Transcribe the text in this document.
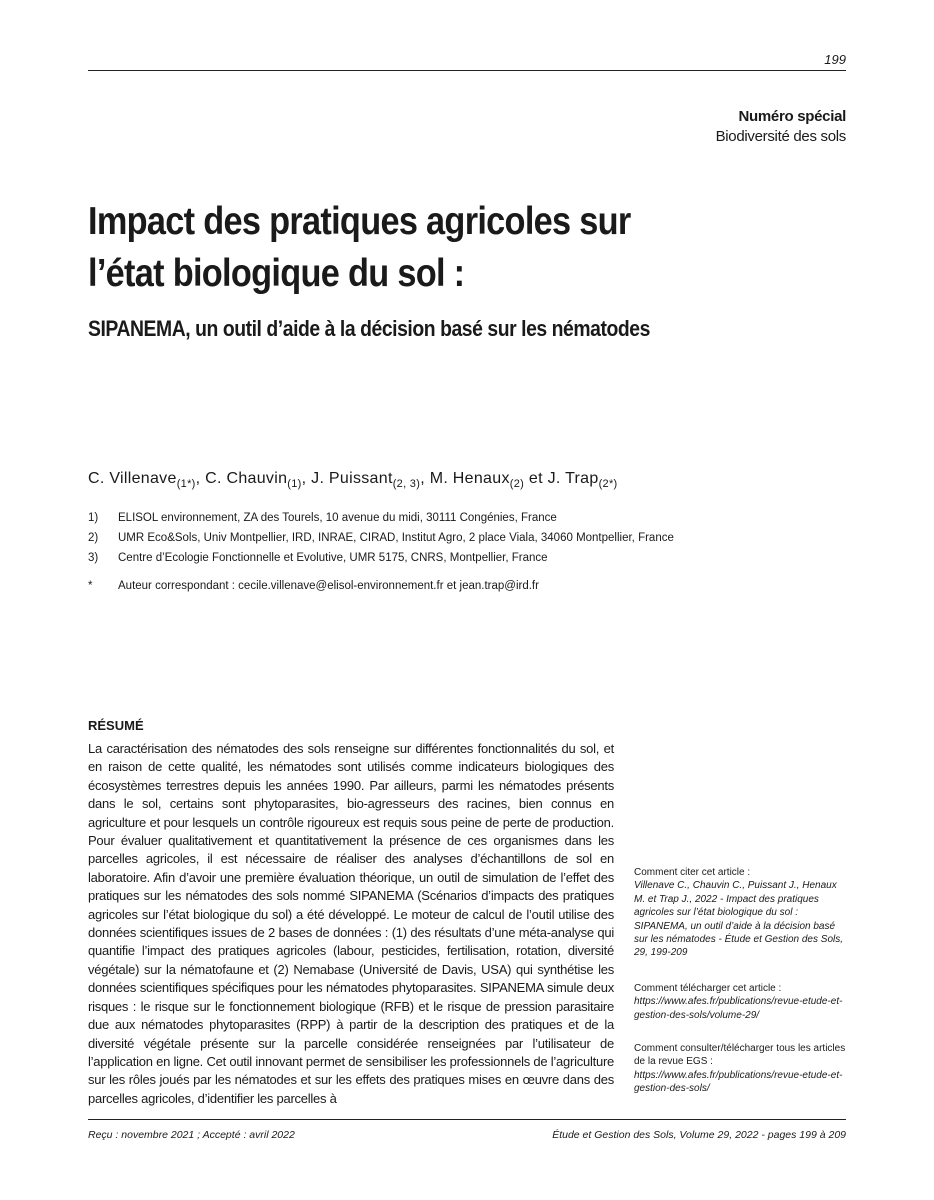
199
Numéro spécial
Biodiversité des sols
Impact des pratiques agricoles sur
l’état biologique du sol :
SIPANEMA, un outil d’aide à la décision basé sur les nématodes
C. Villenave$_{(1*)}$, C. Chauvin$_{(1)}$, J. Puissant$_{(2, 3)}$, M. Henaux$_{(2)}$ et J. Trap$_{(2*)}$
1) ELISOL environnement, ZA des Tourels, 10 avenue du midi, 30111 Congénies, France
2) UMR Eco&Sols, Univ Montpellier, IRD, INRAE, CIRAD, Institut Agro, 2 place Viala, 34060 Montpellier, France
3) Centre d’Ecologie Fonctionnelle et Evolutive, UMR 5175, CNRS, Montpellier, France
* Auteur correspondant : cecile.villenave@elisol-environnement.fr et jean.trap@ird.fr
RÉSUMÉ
La caractérisation des nématodes des sols renseigne sur différentes fonctionnalités du sol, et en raison de cette qualité, les nématodes sont utilisés comme indicateurs biologiques des écosystèmes terrestres depuis les années 1990. Par ailleurs, parmi les nématodes présents dans le sol, certains sont phytoparasites, bio-agresseurs des racines, bien connus en agriculture et pour lesquels un contrôle rigoureux est requis sous peine de perte de production. Pour évaluer qualitativement et quantitativement la présence de ces organismes dans les parcelles agricoles, il est nécessaire de réaliser des analyses d’échantillons de sol en laboratoire. Afin d’avoir une première évaluation théorique, un outil de simulation de l’effet des pratiques sur les nématodes des sols nommé SIPANEMA (Scénarios d’impacts des pratiques agricoles sur l’état biologique du sol) a été développé. Le moteur de calcul de l’outil utilise des données scientifiques issues de 2 bases de données : (1) des résultats d’une méta-analyse qui quantifie l’impact des pratiques agricoles (labour, pesticides, fertilisation, rotation, diversité végétale) sur la nématofaune et (2) Nemabase (Université de Davis, USA) qui synthétise les données scientifiques spécifiques pour les nématodes phytoparasites. SIPANEMA simule deux risques : le risque sur le fonctionnement biologique (RFB) et le risque de pression parasitaire due aux nématodes phytoparasites (RPP) à partir de la description des pratiques et de la diversité végétale présente sur la parcelle considérée renseignées par l’utilisateur de l’application en ligne. Cet outil innovant permet de sensibiliser les professionnels de l’agriculture sur les rôles joués par les nématodes et sur les effets des pratiques mises en œuvre dans des parcelles agricoles, d’identifier les parcelles à
Comment citer cet article :
Villenave C., Chauvin C., Puissant J., Henaux M. et Trap J., 2022 - Impact des pratiques agricoles sur l’état biologique du sol : SIPANEMA, un outil d’aide à la décision basé sur les nématodes - Étude et Gestion des Sols, 29, 199-209
Comment télécharger cet article :
https://www.afes.fr/publications/revue-etude-et-gestion-des-sols/volume-29/
Comment consulter/télécharger tous les articles de la revue EGS :
https://www.afes.fr/publications/revue-etude-et-gestion-des-sols/
Reçu : novembre 2021 ; Accepté : avril 2022	Étude et Gestion des Sols, Volume 29, 2022 - pages 199 à 209
